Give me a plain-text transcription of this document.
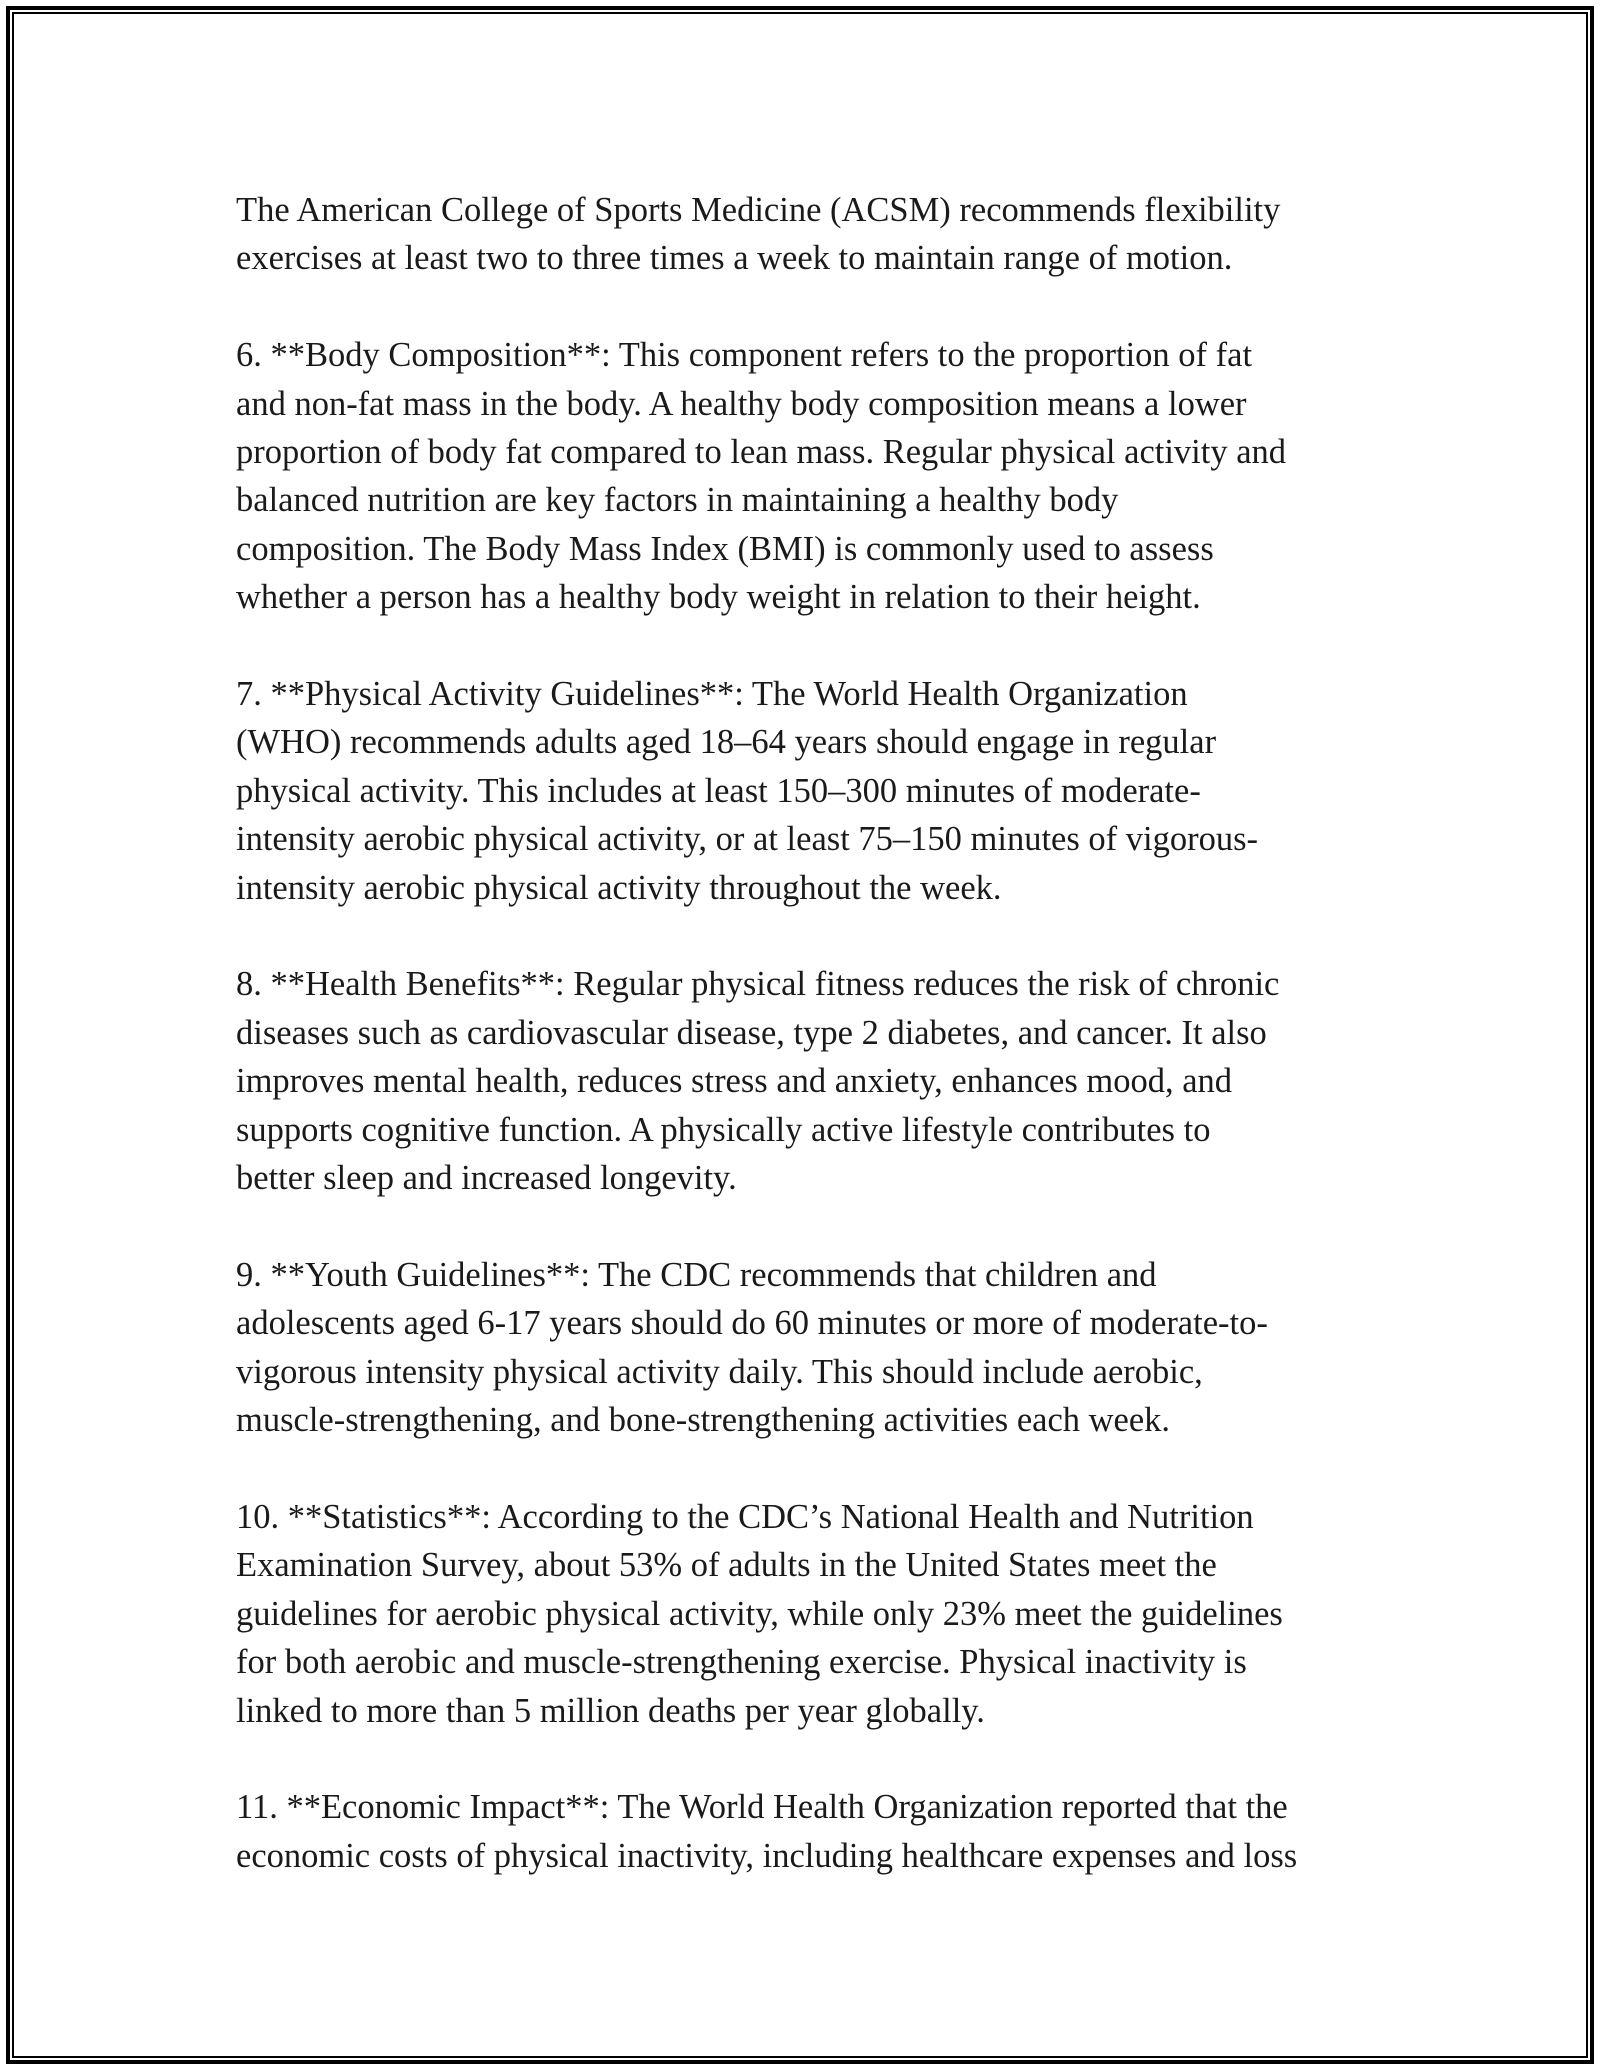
The American College of Sports Medicine (ACSM) recommends flexibility
exercises at least two to three times a week to maintain range of motion.

6. **Body Composition**: This component refers to the proportion of fat
and non-fat mass in the body. A healthy body composition means a lower
proportion of body fat compared to lean mass. Regular physical activity and
balanced nutrition are key factors in maintaining a healthy body
composition. The Body Mass Index (BMI) is commonly used to assess
whether a person has a healthy body weight in relation to their height.

7. **Physical Activity Guidelines**: The World Health Organization
(WHO) recommends adults aged 18–64 years should engage in regular
physical activity. This includes at least 150–300 minutes of moderate-
intensity aerobic physical activity, or at least 75–150 minutes of vigorous-
intensity aerobic physical activity throughout the week.

8. **Health Benefits**: Regular physical fitness reduces the risk of chronic
diseases such as cardiovascular disease, type 2 diabetes, and cancer. It also
improves mental health, reduces stress and anxiety, enhances mood, and
supports cognitive function. A physically active lifestyle contributes to
better sleep and increased longevity.

9. **Youth Guidelines**: The CDC recommends that children and
adolescents aged 6-17 years should do 60 minutes or more of moderate-to-
vigorous intensity physical activity daily. This should include aerobic,
muscle-strengthening, and bone-strengthening activities each week.

10. **Statistics**: According to the CDC’s National Health and Nutrition
Examination Survey, about 53% of adults in the United States meet the
guidelines for aerobic physical activity, while only 23% meet the guidelines
for both aerobic and muscle-strengthening exercise. Physical inactivity is
linked to more than 5 million deaths per year globally.

11. **Economic Impact**: The World Health Organization reported that the
economic costs of physical inactivity, including healthcare expenses and loss
